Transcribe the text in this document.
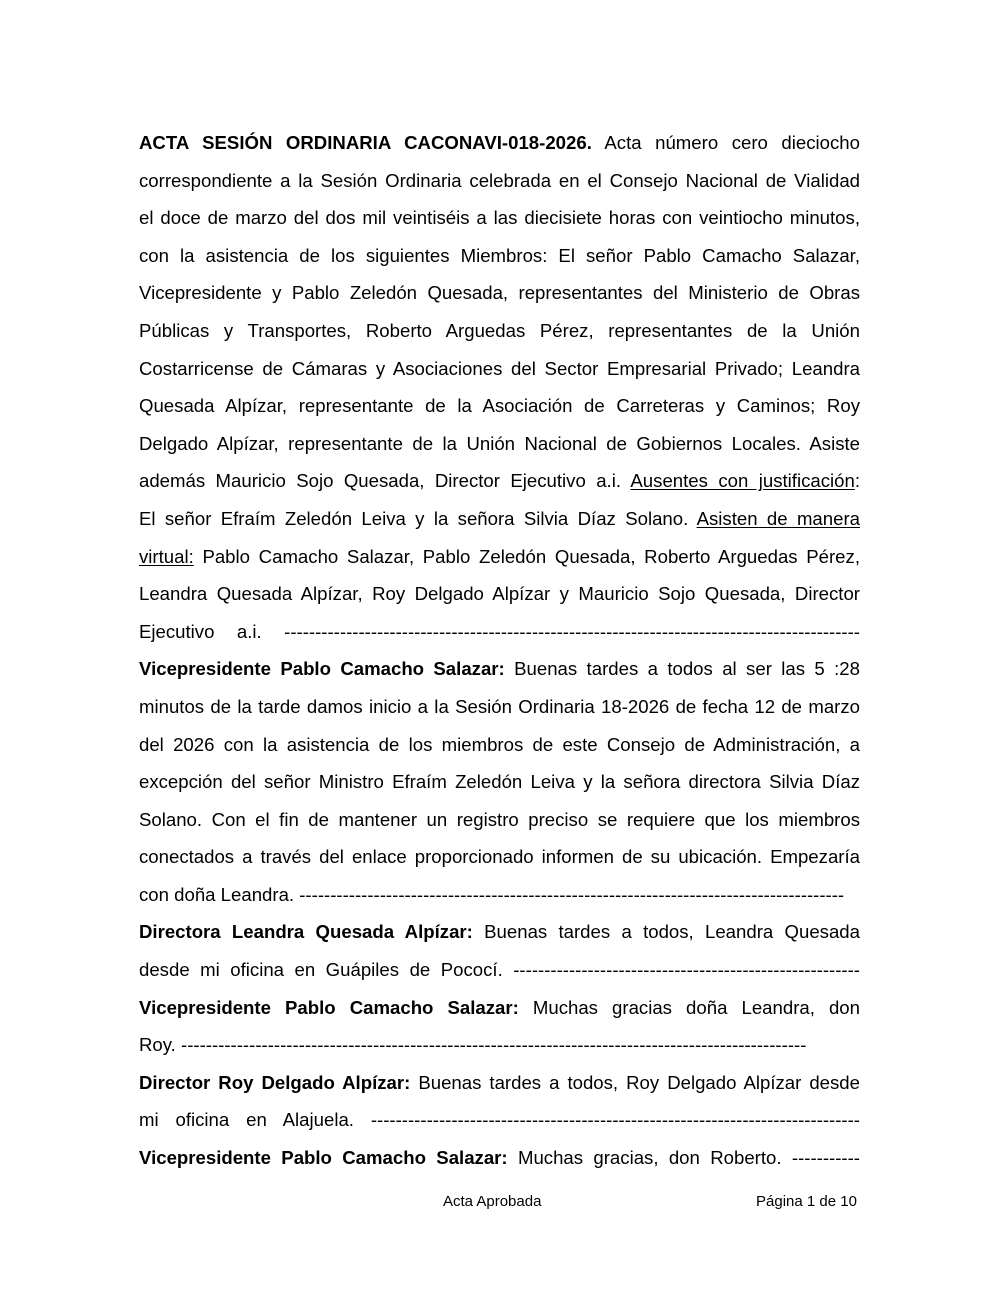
ACTA SESIÓN ORDINARIA CACONAVI-018-2026. Acta número cero dieciocho

correspondiente a la Sesión Ordinaria celebrada en el Consejo Nacional de Vialidad

el doce de marzo del dos mil veintiséis a las diecisiete horas con veintiocho minutos,

con la asistencia de los siguientes Miembros: El señor Pablo Camacho Salazar,

Vicepresidente y Pablo Zeledón Quesada, representantes del Ministerio de Obras

Públicas y Transportes, Roberto Arguedas Pérez, representantes de la Unión

Costarricense de Cámaras y Asociaciones del Sector Empresarial Privado; Leandra

Quesada Alpízar, representante de la Asociación de Carreteras y Caminos; Roy

Delgado Alpízar, representante de la Unión Nacional de Gobiernos Locales. Asiste

además Mauricio Sojo Quesada, Director Ejecutivo a.i. Ausentes con justificación:

El señor Efraím Zeledón Leiva y la señora Silvia Díaz Solano. Asisten de manera

virtual: Pablo Camacho Salazar, Pablo Zeledón Quesada, Roberto Arguedas Pérez,

Leandra Quesada Alpízar, Roy Delgado Alpízar y Mauricio Sojo Quesada, Director

Ejecutivo a.i. ---------------------------------------------------------------------------------------------

Vicepresidente Pablo Camacho Salazar: Buenas tardes a todos al ser las 5 :28

minutos de la tarde damos inicio a la Sesión Ordinaria 18-2026 de fecha 12 de marzo

del 2026 con la asistencia de los miembros de este Consejo de Administración, a

excepción del señor Ministro Efraím Zeledón Leiva y la señora directora Silvia Díaz

Solano. Con el fin de mantener un registro preciso se requiere que los miembros

conectados a través del enlace proporcionado informen de su ubicación. Empezaría

con doña Leandra. ----------------------------------------------------------------------------------------

Directora Leandra Quesada Alpízar: Buenas tardes a todos, Leandra Quesada

desde mi oficina en Guápiles de Pococí. --------------------------------------------------------

Vicepresidente Pablo Camacho Salazar: Muchas gracias doña Leandra, don

Roy. -----------------------------------------------------------------------------------------------------

Director Roy Delgado Alpízar: Buenas tardes a todos, Roy Delgado Alpízar desde

mi oficina en Alajuela. -------------------------------------------------------------------------------

Vicepresidente Pablo Camacho Salazar: Muchas gracias, don Roberto. -----------

Acta Aprobada	Página 1 de 10
